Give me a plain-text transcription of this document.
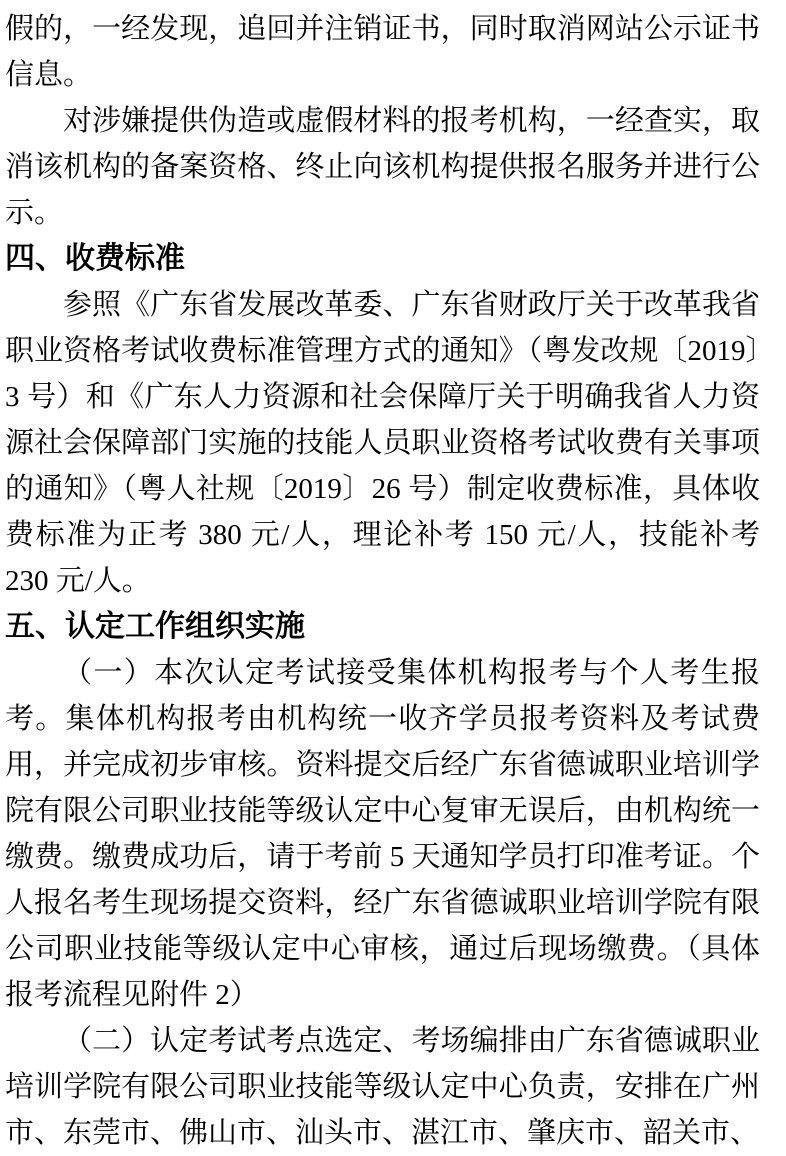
假的，一经发现，追回并注销证书，同时取消网站公示证书信息。

对涉嫌提供伪造或虚假材料的报考机构，一经查实，取消该机构的备案资格、终止向该机构提供报名服务并进行公示。

四、收费标准

参照《广东省发展改革委、广东省财政厅关于改革我省职业资格考试收费标准管理方式的通知》（粤发改规〔2019〕3 号）和《广东人力资源和社会保障厅关于明确我省人力资源社会保障部门实施的技能人员职业资格考试收费有关事项的通知》（粤人社规〔2019〕26 号）制定收费标准，具体收费标准为正考 380 元/人，理论补考 150 元/人，技能补考 230 元/人。

五、认定工作组织实施

（一）本次认定考试接受集体机构报考与个人考生报考。集体机构报考由机构统一收齐学员报考资料及考试费用，并完成初步审核。资料提交后经广东省德诚职业培训学院有限公司职业技能等级认定中心复审无误后，由机构统一缴费。缴费成功后，请于考前 5 天通知学员打印准考证。个人报名考生现场提交资料，经广东省德诚职业培训学院有限公司职业技能等级认定中心审核，通过后现场缴费。（具体报考流程见附件 2）

（二）认定考试考点选定、考场编排由广东省德诚职业培训学院有限公司职业技能等级认定中心负责，安排在广州市、东莞市、佛山市、汕头市、湛江市、肇庆市、韶关市、
